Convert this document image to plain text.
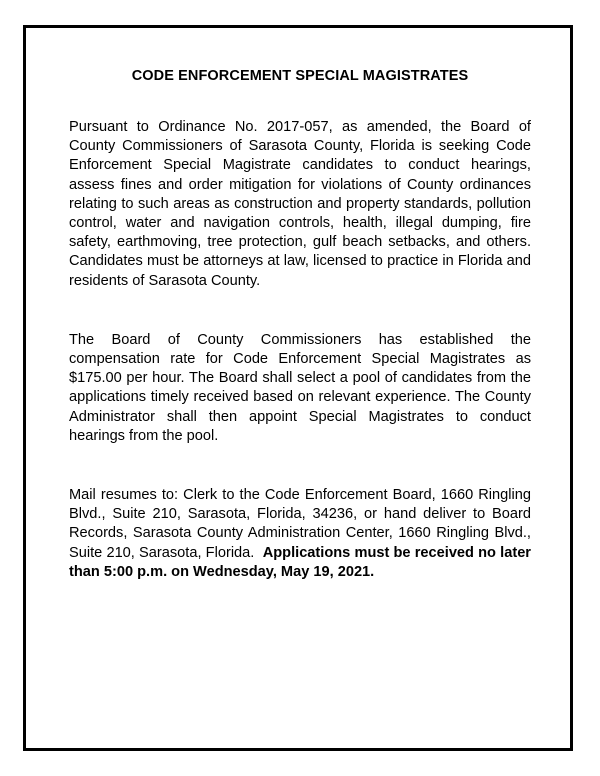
CODE ENFORCEMENT SPECIAL MAGISTRATES

Pursuant to Ordinance No. 2017-057, as amended, the Board of County Commissioners of Sarasota County, Florida is seeking Code Enforcement Special Magistrate candidates to conduct hearings, assess fines and order mitigation for violations of County ordinances relating to such areas as construction and property standards, pollution control, water and navigation controls, health, illegal dumping, fire safety, earthmoving, tree protection, gulf beach setbacks, and others. Candidates must be attorneys at law, licensed to practice in Florida and residents of Sarasota County.

The Board of County Commissioners has established the compensation rate for Code Enforcement Special Magistrates as $175.00 per hour. The Board shall select a pool of candidates from the applications timely received based on relevant experience. The County Administrator shall then appoint Special Magistrates to conduct hearings from the pool.

Mail resumes to: Clerk to the Code Enforcement Board, 1660 Ringling Blvd., Suite 210, Sarasota, Florida, 34236, or hand deliver to Board Records, Sarasota County Administration Center, 1660 Ringling Blvd., Suite 210, Sarasota, Florida. Applications must be received no later than 5:00 p.m. on Wednesday, May 19, 2021.
